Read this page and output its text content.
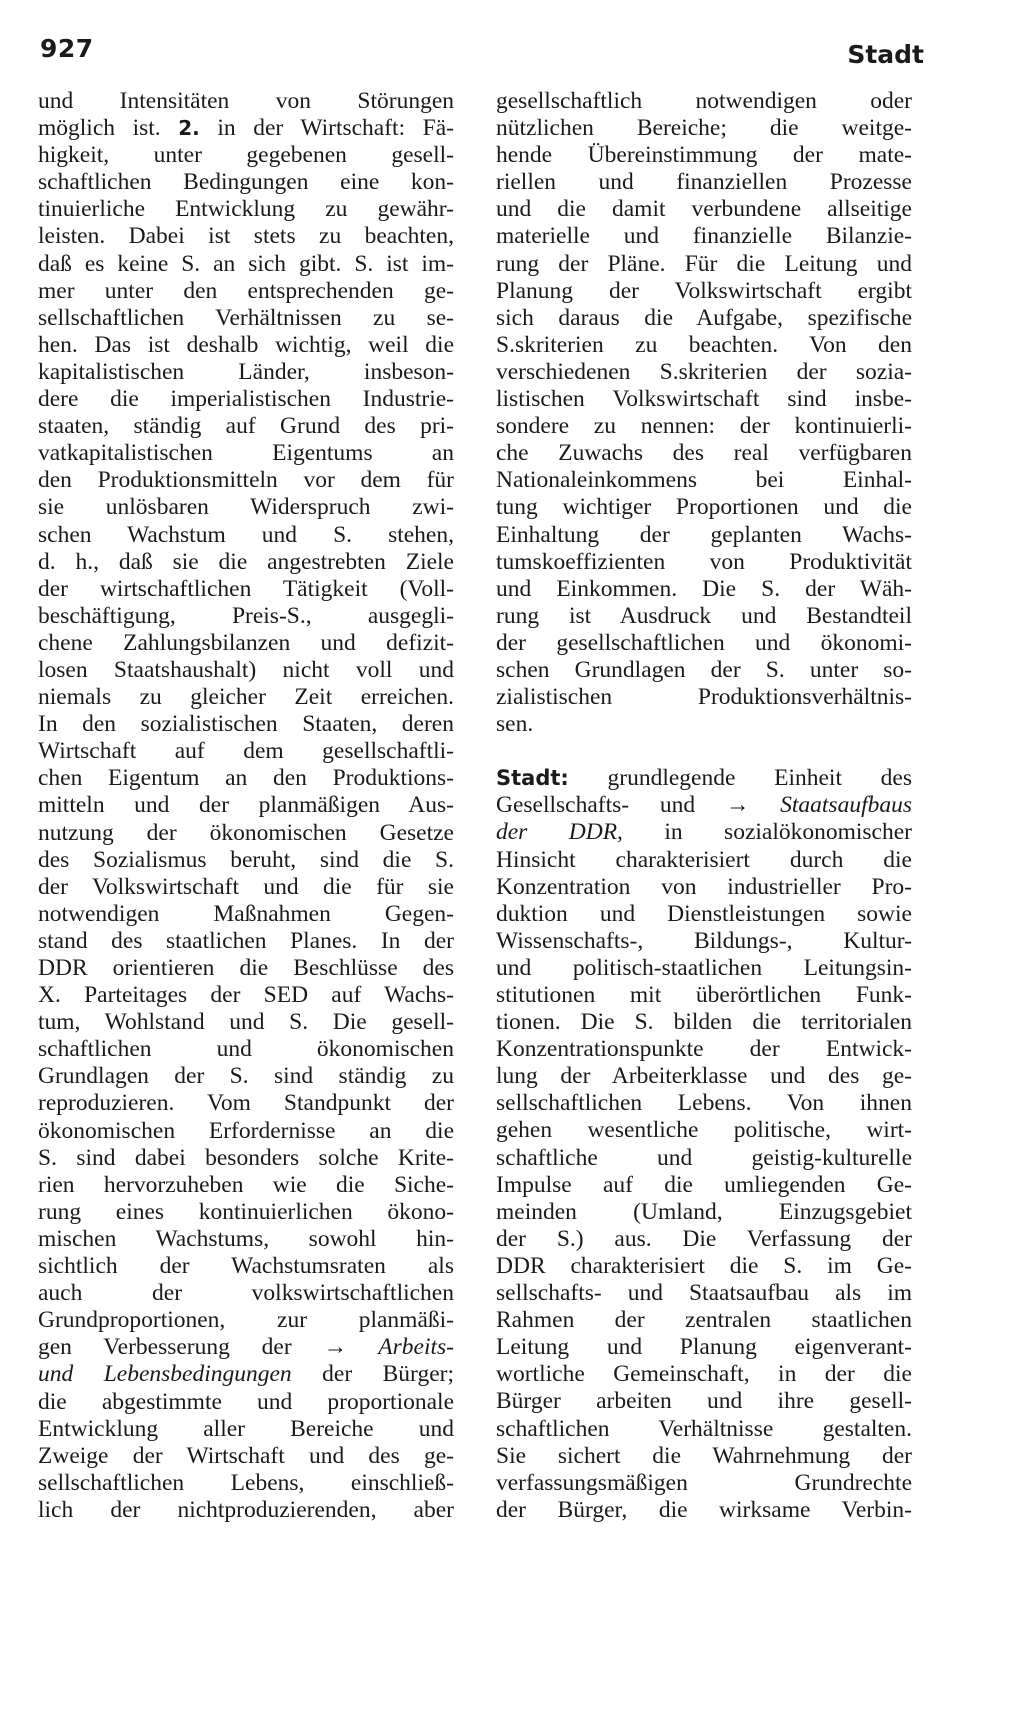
927	Stadt
und Intensitäten von Störungen
möglich ist. 2. in der Wirtschaft: Fä-
higkeit, unter gegebenen gesell-
schaftlichen Bedingungen eine kon-
tinuierliche Entwicklung zu gewähr-
leisten. Dabei ist stets zu beachten,
daß es keine S. an sich gibt. S. ist im-
mer unter den entsprechenden ge-
sellschaftlichen Verhältnissen zu se-
hen. Das ist deshalb wichtig, weil die
kapitalistischen Länder, insbeson-
dere die imperialistischen Industrie-
staaten, ständig auf Grund des pri-
vatkapitalistischen Eigentums an
den Produktionsmitteln vor dem für
sie unlösbaren Widerspruch zwi-
schen Wachstum und S. stehen,
d. h., daß sie die angestrebten Ziele
der wirtschaftlichen Tätigkeit (Voll-
beschäftigung, Preis-S., ausgegli-
chene Zahlungsbilanzen und defizit-
losen Staatshaushalt) nicht voll und
niemals zu gleicher Zeit erreichen.
In den sozialistischen Staaten, deren
Wirtschaft auf dem gesellschaftli-
chen Eigentum an den Produktions-
mitteln und der planmäßigen Aus-
nutzung der ökonomischen Gesetze
des Sozialismus beruht, sind die S.
der Volkswirtschaft und die für sie
notwendigen Maßnahmen Gegen-
stand des staatlichen Planes. In der
DDR orientieren die Beschlüsse des
X. Parteitages der SED auf Wachs-
tum, Wohlstand und S. Die gesell-
schaftlichen und ökonomischen
Grundlagen der S. sind ständig zu
reproduzieren. Vom Standpunkt der
ökonomischen Erfordernisse an die
S. sind dabei besonders solche Krite-
rien hervorzuheben wie die Siche-
rung eines kontinuierlichen ökono-
mischen Wachstums, sowohl hin-
sichtlich der Wachstumsraten als
auch der volkswirtschaftlichen
Grundproportionen, zur planmäßi-
gen Verbesserung der → Arbeits-
und Lebensbedingungen der Bürger;
die abgestimmte und proportionale
Entwicklung aller Bereiche und
Zweige der Wirtschaft und des ge-
sellschaftlichen Lebens, einschließ-
lich der nichtproduzierenden, aber
gesellschaftlich notwendigen oder
nützlichen Bereiche; die weitge-
hende Übereinstimmung der mate-
riellen und finanziellen Prozesse
und die damit verbundene allseitige
materielle und finanzielle Bilanzie-
rung der Pläne. Für die Leitung und
Planung der Volkswirtschaft ergibt
sich daraus die Aufgabe, spezifische
S.skriterien zu beachten. Von den
verschiedenen S.skriterien der sozia-
listischen Volkswirtschaft sind insbe-
sondere zu nennen: der kontinuierli-
che Zuwachs des real verfügbaren
Nationaleinkommens bei Einhal-
tung wichtiger Proportionen und die
Einhaltung der geplanten Wachs-
tumskoeffizienten von Produktivität
und Einkommen. Die S. der Wäh-
rung ist Ausdruck und Bestandteil
der gesellschaftlichen und ökonomi-
schen Grundlagen der S. unter so-
zialistischen Produktionsverhältnis-
sen.
Stadt: grundlegende Einheit des
Gesellschafts- und → Staatsaufbaus
der DDR, in sozialökonomischer
Hinsicht charakterisiert durch die
Konzentration von industrieller Pro-
duktion und Dienstleistungen sowie
Wissenschafts-, Bildungs-, Kultur-
und politisch-staatlichen Leitungsin-
stitutionen mit überörtlichen Funk-
tionen. Die S. bilden die territorialen
Konzentrationspunkte der Entwick-
lung der Arbeiterklasse und des ge-
sellschaftlichen Lebens. Von ihnen
gehen wesentliche politische, wirt-
schaftliche und geistig-kulturelle
Impulse auf die umliegenden Ge-
meinden (Umland, Einzugsgebiet
der S.) aus. Die Verfassung der
DDR charakterisiert die S. im Ge-
sellschafts- und Staatsaufbau als im
Rahmen der zentralen staatlichen
Leitung und Planung eigenverant-
wortliche Gemeinschaft, in der die
Bürger arbeiten und ihre gesell-
schaftlichen Verhältnisse gestalten.
Sie sichert die Wahrnehmung der
verfassungsmäßigen Grundrechte
der Bürger, die wirksame Verbin-
